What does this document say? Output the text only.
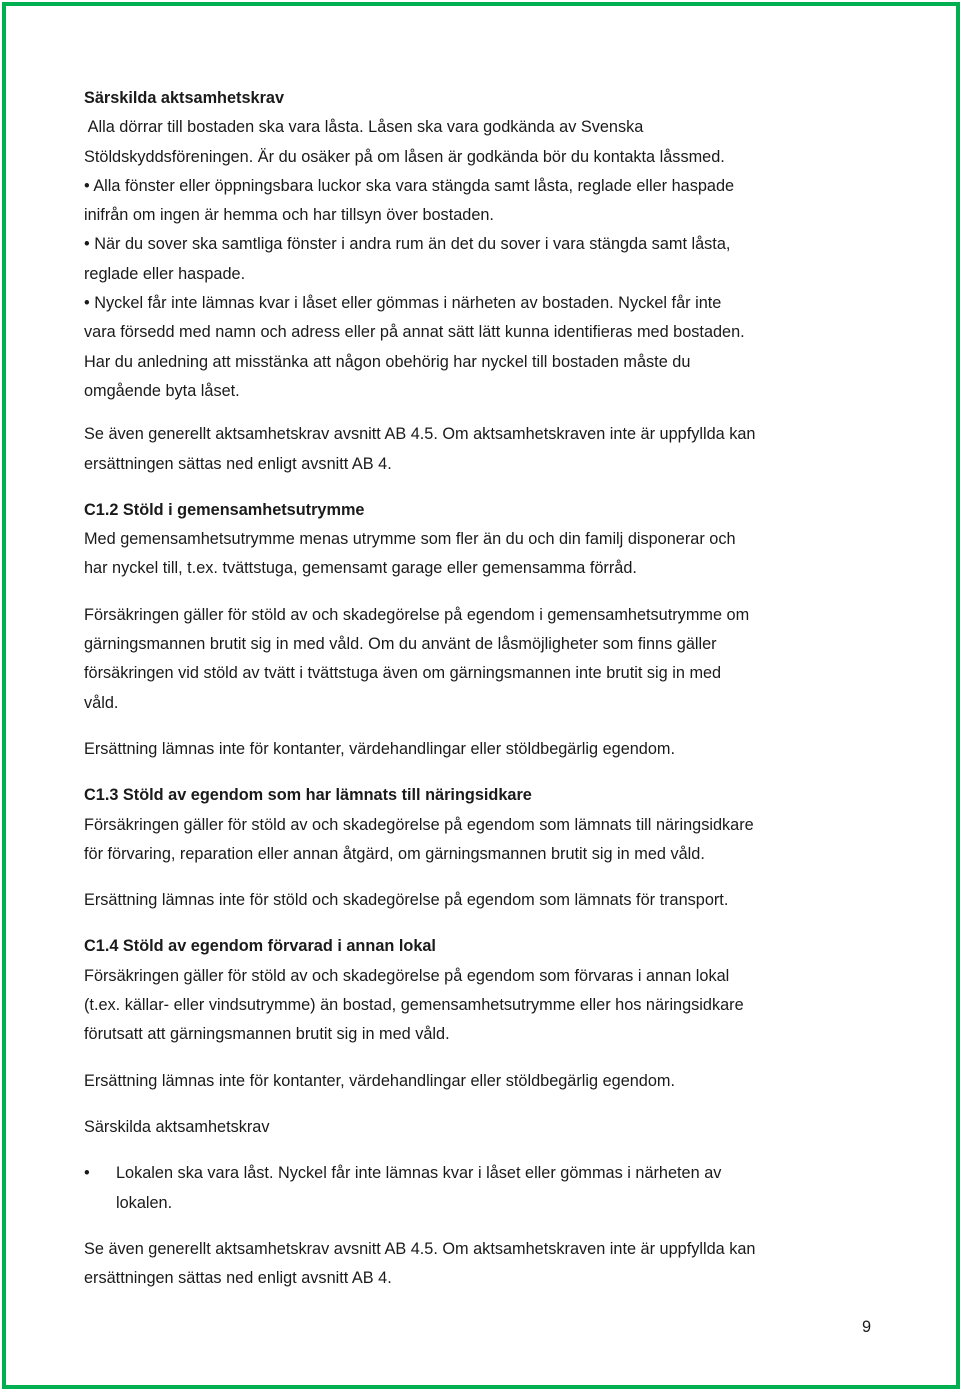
Särskilda aktsamhetskrav
Alla dörrar till bostaden ska vara låsta. Låsen ska vara godkända av Svenska
Stöldskyddsföreningen. Är du osäker på om låsen är godkända bör du kontakta låssmed.
• Alla fönster eller öppningsbara luckor ska vara stängda samt låsta, reglade eller haspade
inifrån om ingen är hemma och har tillsyn över bostaden.
• När du sover ska samtliga fönster i andra rum än det du sover i vara stängda samt låsta,
reglade eller haspade.
• Nyckel får inte lämnas kvar i låset eller gömmas i närheten av bostaden. Nyckel får inte
vara försedd med namn och adress eller på annat sätt lätt kunna identifieras med bostaden.
Har du anledning att misstänka att någon obehörig har nyckel till bostaden måste du
omgående byta låset.
Se även generellt aktsamhetskrav avsnitt AB 4.5. Om aktsamhetskraven inte är uppfyllda kan
ersättningen sättas ned enligt avsnitt AB 4.
C1.2 Stöld i gemensamhetsutrymme
Med gemensamhetsutrymme menas utrymme som fler än du och din familj disponerar och
har nyckel till, t.ex. tvättstuga, gemensamt garage eller gemensamma förråd.
Försäkringen gäller för stöld av och skadegörelse på egendom i gemensamhetsutrymme om
gärningsmannen brutit sig in med våld. Om du använt de låsmöjligheter som finns gäller
försäkringen vid stöld av tvätt i tvättstuga även om gärningsmannen inte brutit sig in med
våld.
Ersättning lämnas inte för kontanter, värdehandlingar eller stöldbegärlig egendom.
C1.3 Stöld av egendom som har lämnats till näringsidkare
Försäkringen gäller för stöld av och skadegörelse på egendom som lämnats till näringsidkare
för förvaring, reparation eller annan åtgärd, om gärningsmannen brutit sig in med våld.
Ersättning lämnas inte för stöld och skadegörelse på egendom som lämnats för transport.
C1.4 Stöld av egendom förvarad i annan lokal
Försäkringen gäller för stöld av och skadegörelse på egendom som förvaras i annan lokal
(t.ex. källar- eller vindsutrymme) än bostad, gemensamhetsutrymme eller hos näringsidkare
förutsatt att gärningsmannen brutit sig in med våld.
Ersättning lämnas inte för kontanter, värdehandlingar eller stöldbegärlig egendom.
Särskilda aktsamhetskrav
• Lokalen ska vara låst. Nyckel får inte lämnas kvar i låset eller gömmas i närheten av
lokalen.
Se även generellt aktsamhetskrav avsnitt AB 4.5. Om aktsamhetskraven inte är uppfyllda kan
ersättningen sättas ned enligt avsnitt AB 4.
9
